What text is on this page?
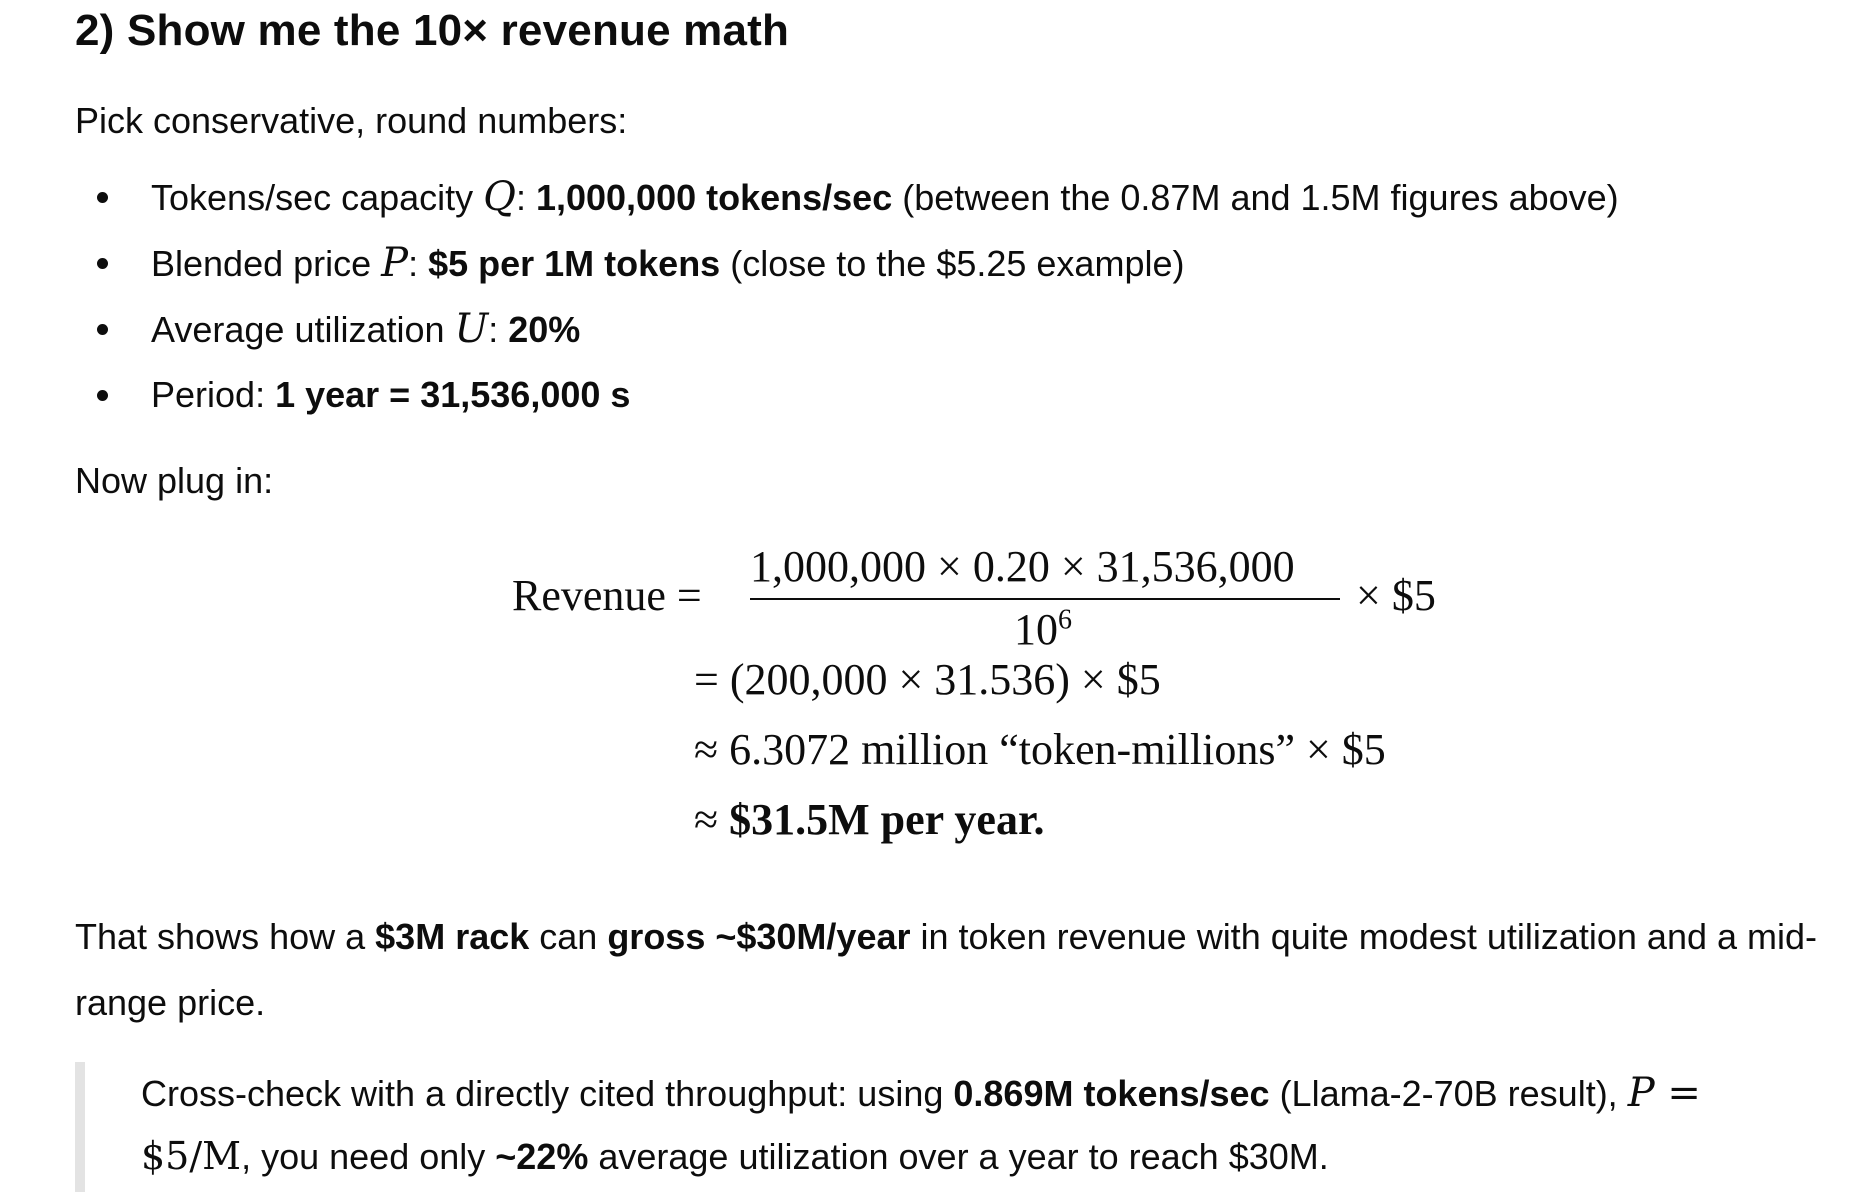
2) Show me the 10× revenue math

Pick conservative, round numbers:

Tokens/sec capacity Q: 1,000,000 tokens/sec (between the 0.87M and 1.5M figures above)
Blended price P: $5 per 1M tokens (close to the $5.25 example)
Average utilization U: 20%
Period: 1 year = 31,536,000 s

Now plug in:

Revenue =
1,000,000 × 0.20 × 31,536,000
$10^6$	× $5
= (200,000 × 31.536) × $5
≈ 6.3072 million “token-millions” × $5
≈ $31.5M per year.

That shows how a $3M rack can gross ~$30M/year in token revenue with quite modest utilization and a mid-range price.

Cross-check with a directly cited throughput: using 0.869M tokens/sec (Llama-2-70B result), P = $5/M, you need only ~22% average utilization over a year to reach $30M.
